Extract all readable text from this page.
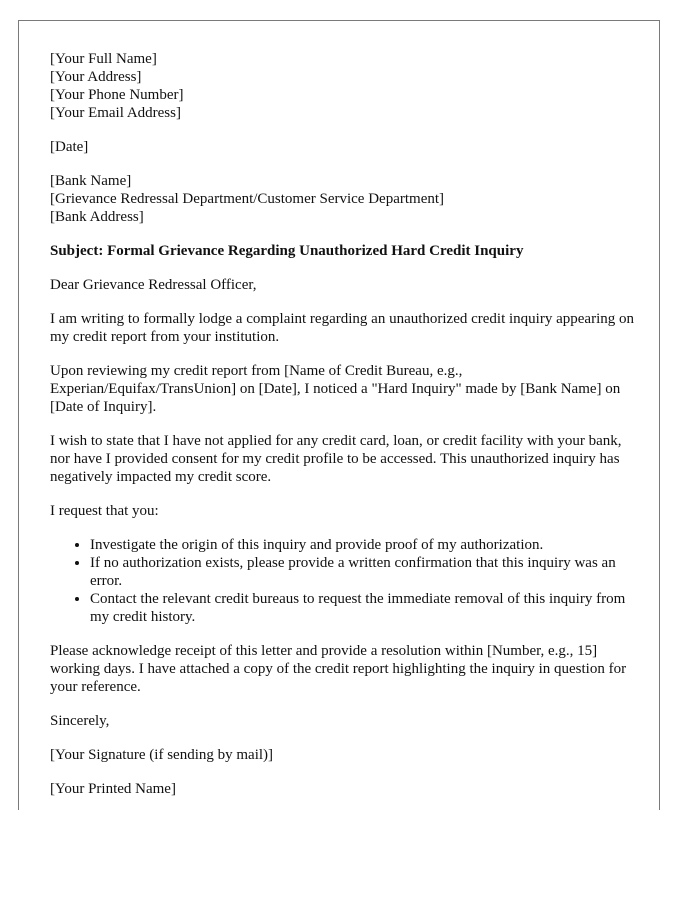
[Your Full Name]
[Your Address]
[Your Phone Number]
[Your Email Address]
[Date]
[Bank Name]
[Grievance Redressal Department/Customer Service Department]
[Bank Address]

Subject: Formal Grievance Regarding Unauthorized Hard Credit Inquiry

Dear Grievance Redressal Officer,

I am writing to formally lodge a complaint regarding an unauthorized credit inquiry appearing on my credit report from your institution.

Upon reviewing my credit report from [Name of Credit Bureau, e.g., Experian/Equifax/TransUnion] on [Date], I noticed a "Hard Inquiry" made by [Bank Name] on [Date of Inquiry].

I wish to state that I have not applied for any credit card, loan, or credit facility with your bank, nor have I provided consent for my credit profile to be accessed. This unauthorized inquiry has negatively impacted my credit score.

I request that you:

• Investigate the origin of this inquiry and provide proof of my authorization.
• If no authorization exists, please provide a written confirmation that this inquiry was an error.
• Contact the relevant credit bureaus to request the immediate removal of this inquiry from my credit history.

Please acknowledge receipt of this letter and provide a resolution within [Number, e.g., 15] working days. I have attached a copy of the credit report highlighting the inquiry in question for your reference.

Sincerely,

[Your Signature (if sending by mail)]

[Your Printed Name]
